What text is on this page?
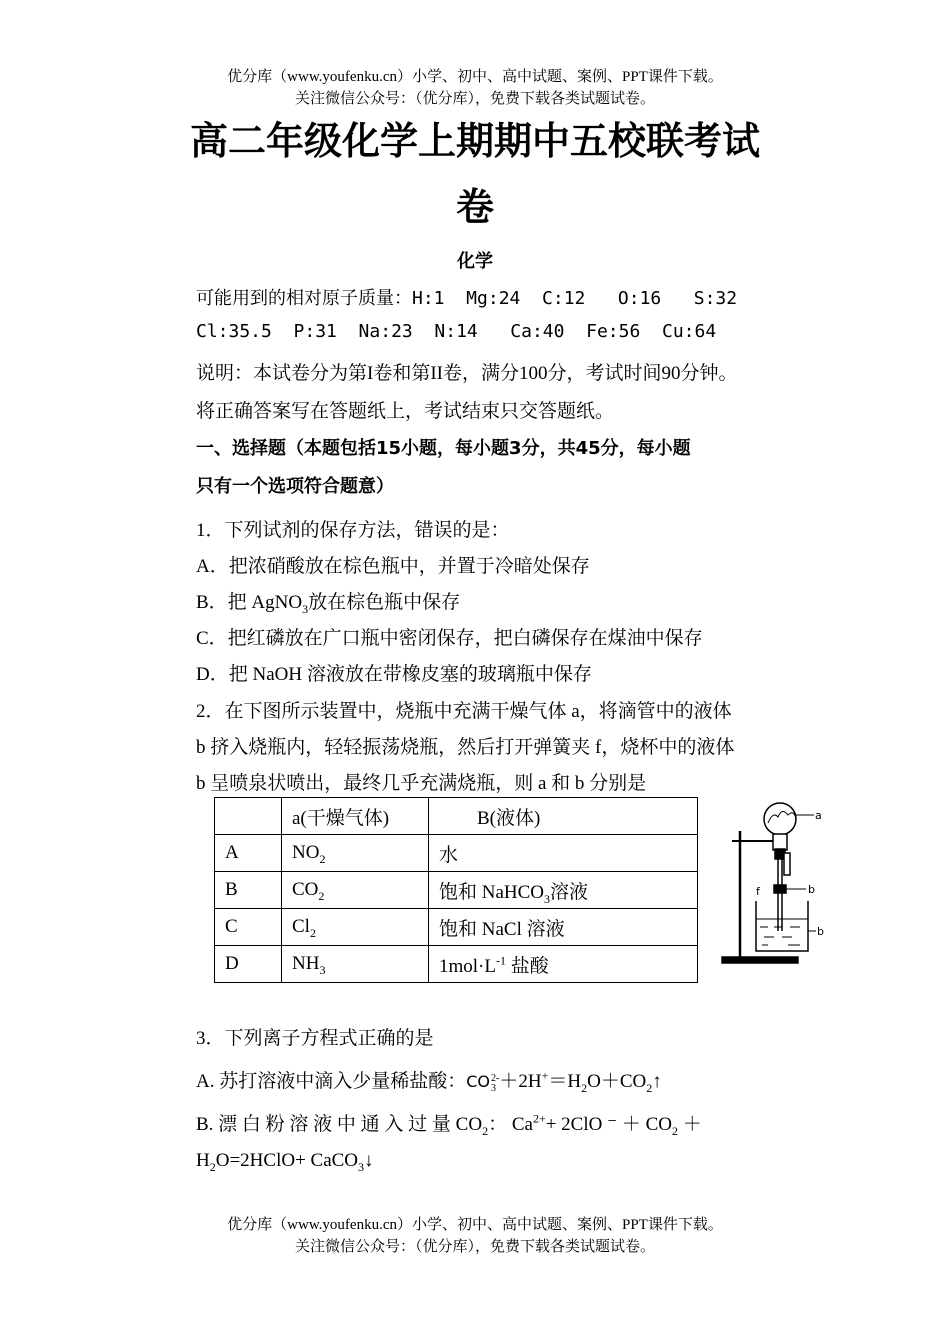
优分库（www.youfenku.cn）小学、初中、高中试题、案例、PPT课件下载。
关注微信公众号：（优分库），免费下载各类试题试卷。
高二年级化学上期期中五校联考试
卷
化学
可能用到的相对原子质量：H:1  Mg:24  C:12   O:16   S:32
Cl:35.5  P:31  Na:23  N:14   Ca:40  Fe:56  Cu:64
说明：本试卷分为第I卷和第II卷，满分100分，考试时间90分钟。
将正确答案写在答题纸上，考试结束只交答题纸。
一、选择题（本题包括15小题，每小题3分，共45分，每小题
只有一个选项符合题意）
1．下列试剂的保存方法，错误的是：
A．把浓硝酸放在棕色瓶中，并置于冷暗处保存
B．把 AgNO$_3$放在棕色瓶中保存
C．把红磷放在广口瓶中密闭保存，把白磷保存在煤油中保存
D．把 NaOH 溶液放在带橡皮塞的玻璃瓶中保存
2．在下图所示装置中，烧瓶中充满干燥气体 a，将滴管中的液体
b 挤入烧瓶内，轻轻振荡烧瓶，然后打开弹簧夹 f，烧杯中的液体
b 呈喷泉状喷出，最终几乎充满烧瓶，则 a 和 b 分别是
	a(干燥气体)	B(液体)
A	$NO_2$	水
B	$CO_2$	饱和 NaHCO$_3$溶液
C	$Cl_2$	饱和 NaCl 溶液
D	$NH_3$	$1mol\cdot L^{-1}$ 盐酸
a
f	b
b
3．下列离子方程式正确的是
A. 苏打溶液中滴入少量稀盐酸：CO 2-
$3 +2H^+=H_2O+CO_2↑$
B. 漂 白 粉 溶 液 中 通 入 过 量 $CO_2$： $Ca^{2+}+ 2ClO$ ⁻ ＋ $CO_2$ ＋
$H_2O=2HClO+$ CaCO$_3$↓
优分库（www.youfenku.cn）小学、初中、高中试题、案例、PPT课件下载。
关注微信公众号：（优分库），免费下载各类试题试卷。
